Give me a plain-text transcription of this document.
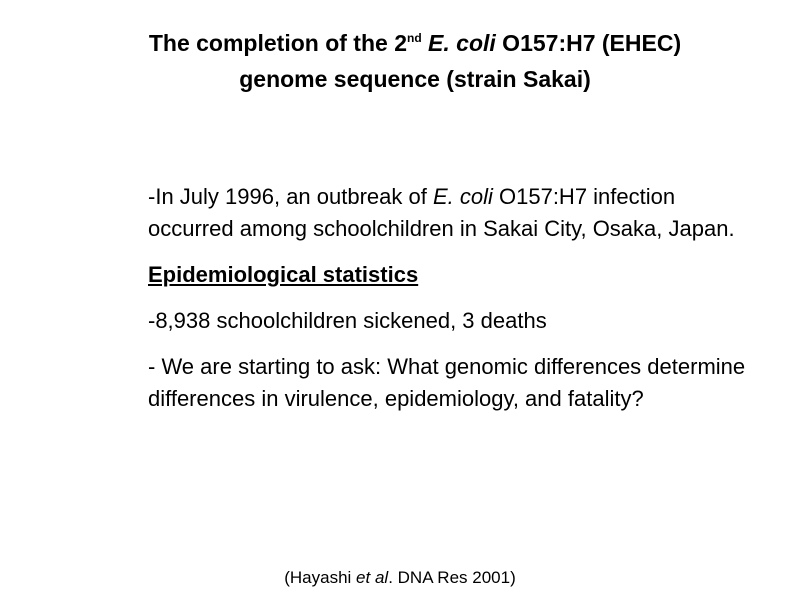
The completion of the 2nd E. coli O157:H7 (EHEC)
genome sequence (strain Sakai)

-In July 1996, an outbreak of E. coli O157:H7 infection occurred among schoolchildren in Sakai City, Osaka, Japan.

Epidemiological statistics

-8,938 schoolchildren sickened, 3 deaths

- We are starting to ask: What genomic differences determine differences in virulence, epidemiology, and fatality?

(Hayashi et al. DNA Res 2001)
